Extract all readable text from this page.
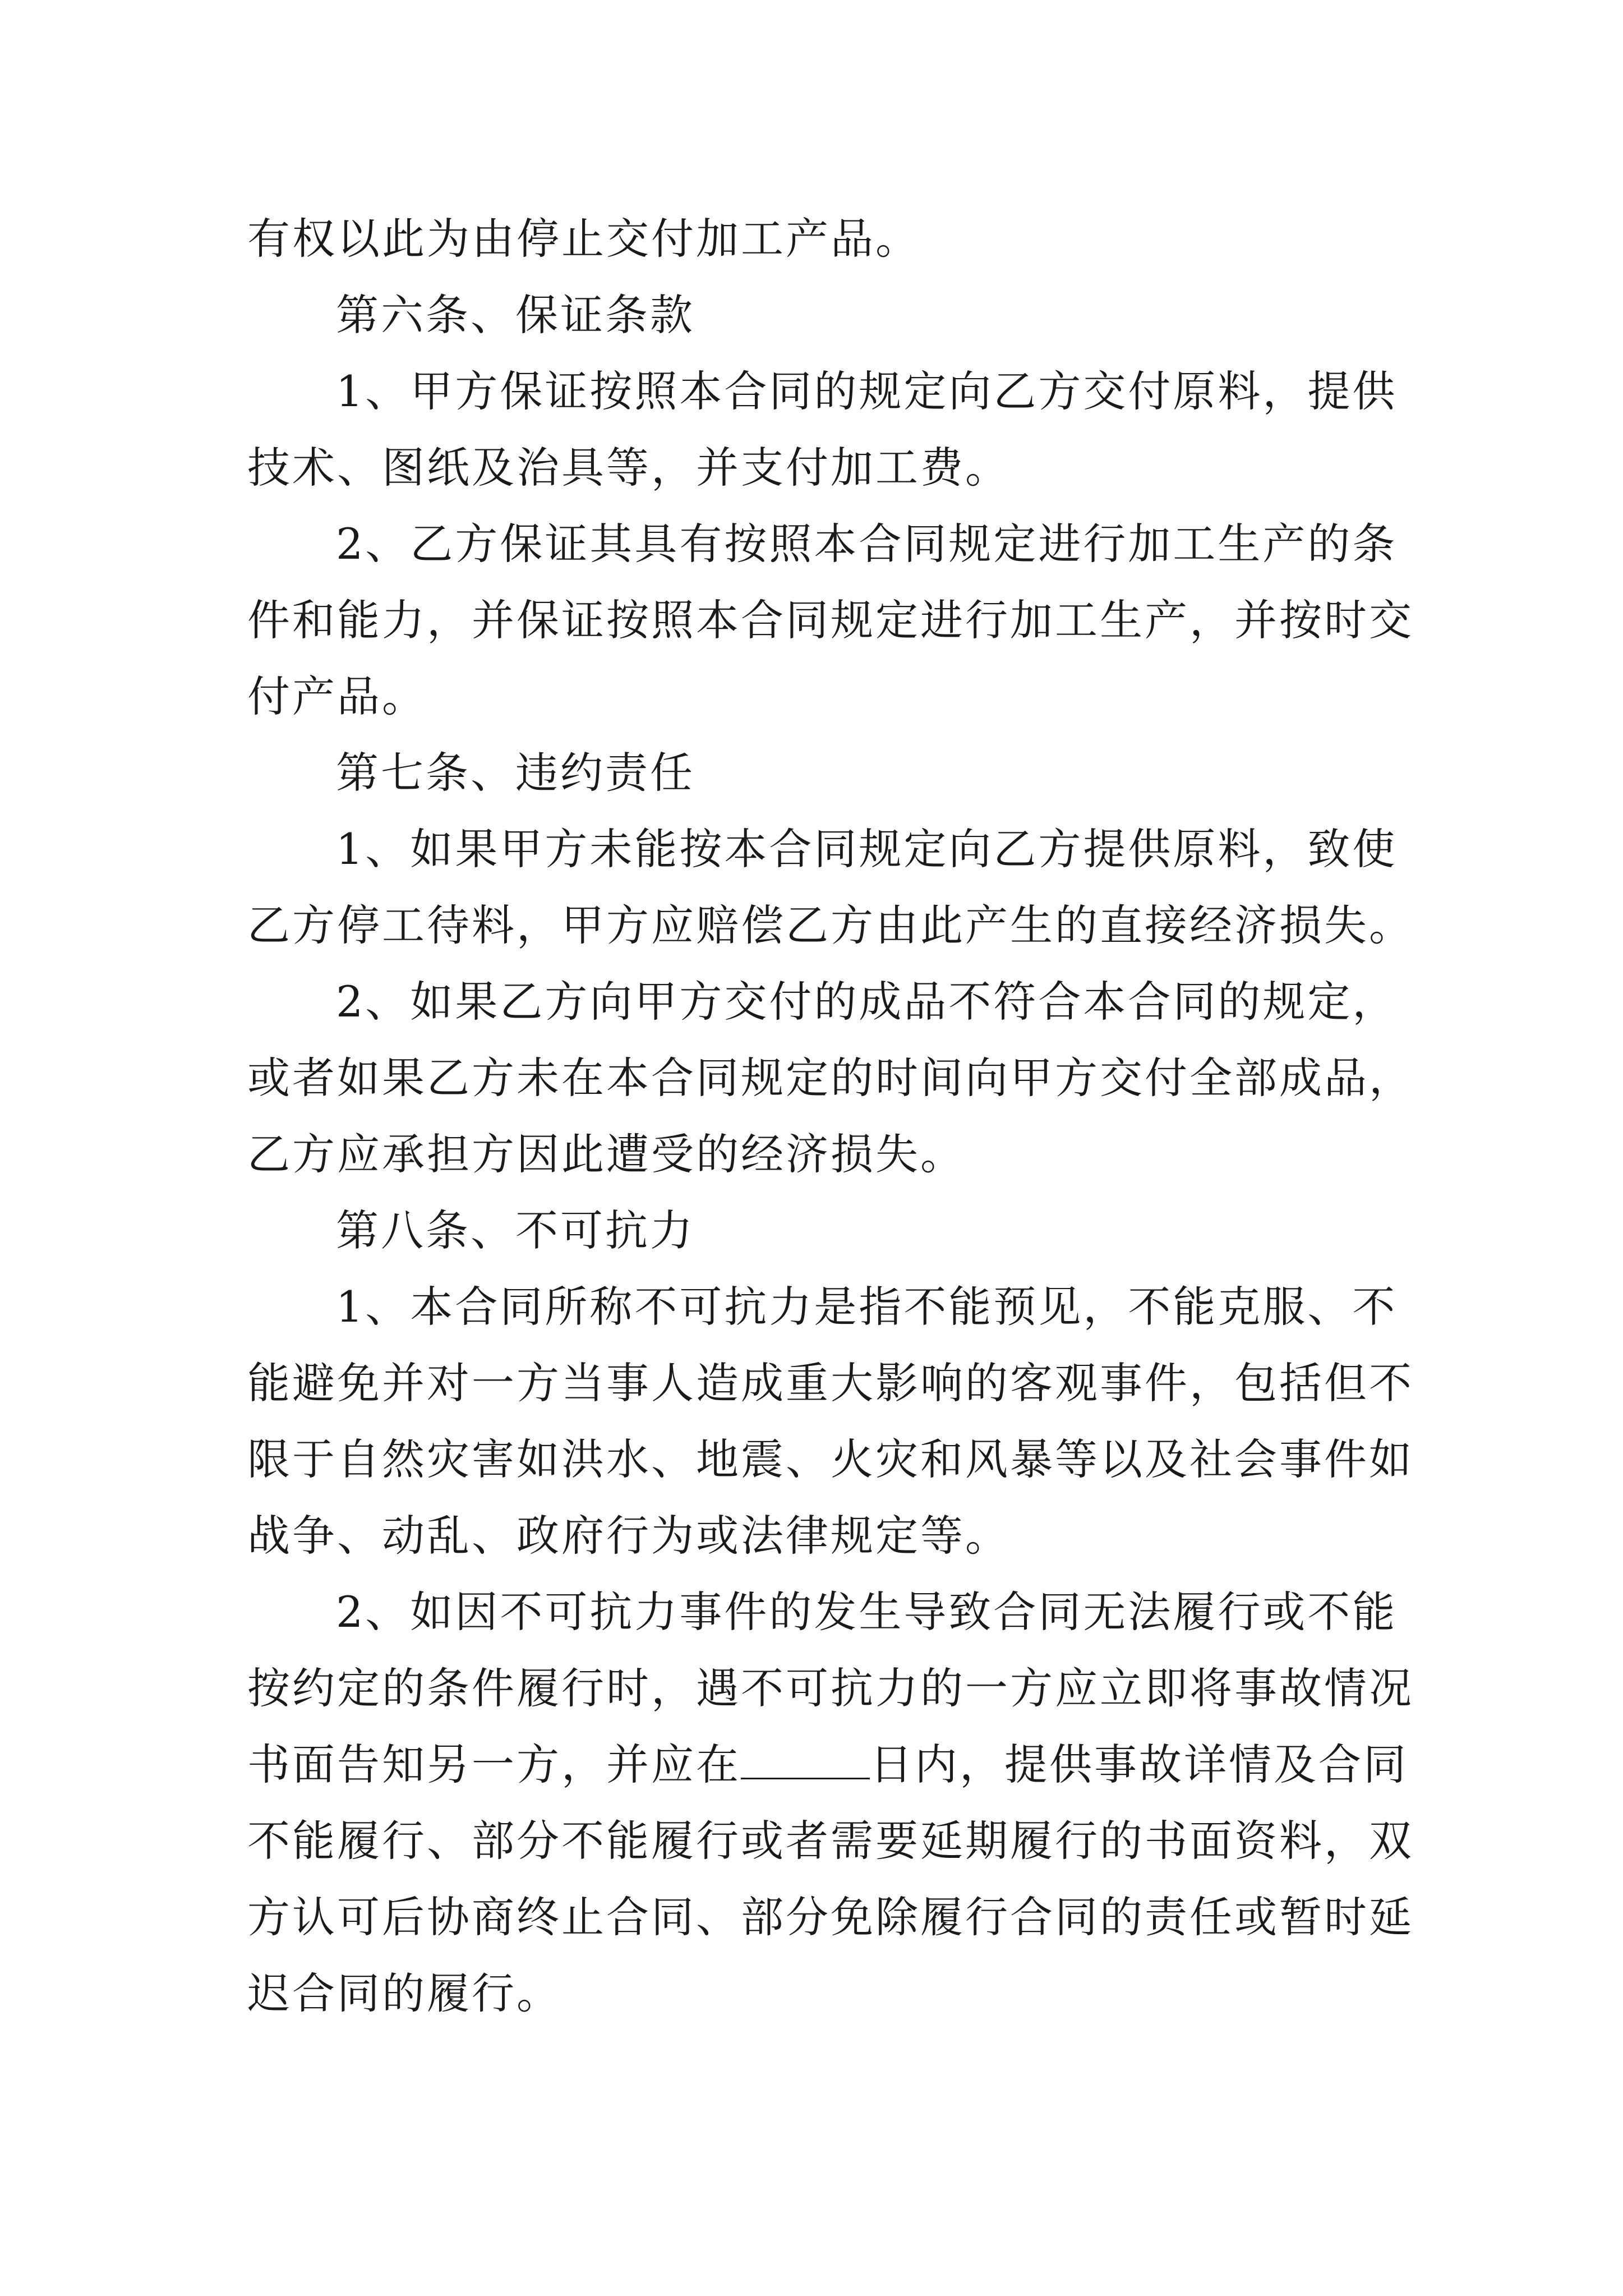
有权以此为由停止交付加工产品。
第六条、保证条款
1、甲方保证按照本合同的规定向乙方交付原料，提供
技术、图纸及治具等，并支付加工费。
2、乙方保证其具有按照本合同规定进行加工生产的条
件和能力，并保证按照本合同规定进行加工生产，并按时交
付产品。
第七条、违约责任
1、如果甲方未能按本合同规定向乙方提供原料，致使
乙方停工待料，甲方应赔偿乙方由此产生的直接经济损失。
2、如果乙方向甲方交付的成品不符合本合同的规定，
或者如果乙方未在本合同规定的时间向甲方交付全部成品，
乙方应承担方因此遭受的经济损失。
第八条、不可抗力
1、本合同所称不可抗力是指不能预见，不能克服、不
能避免并对一方当事人造成重大影响的客观事件，包括但不
限于自然灾害如洪水、地震、火灾和风暴等以及社会事件如
战争、动乱、政府行为或法律规定等。
2、如因不可抗力事件的发生导致合同无法履行或不能
按约定的条件履行时，遇不可抗力的一方应立即将事故情况
书面告知另一方，并应在	日内，提供事故详情及合同
不能履行、部分不能履行或者需要延期履行的书面资料，双
方认可后协商终止合同、部分免除履行合同的责任或暂时延
迟合同的履行。
